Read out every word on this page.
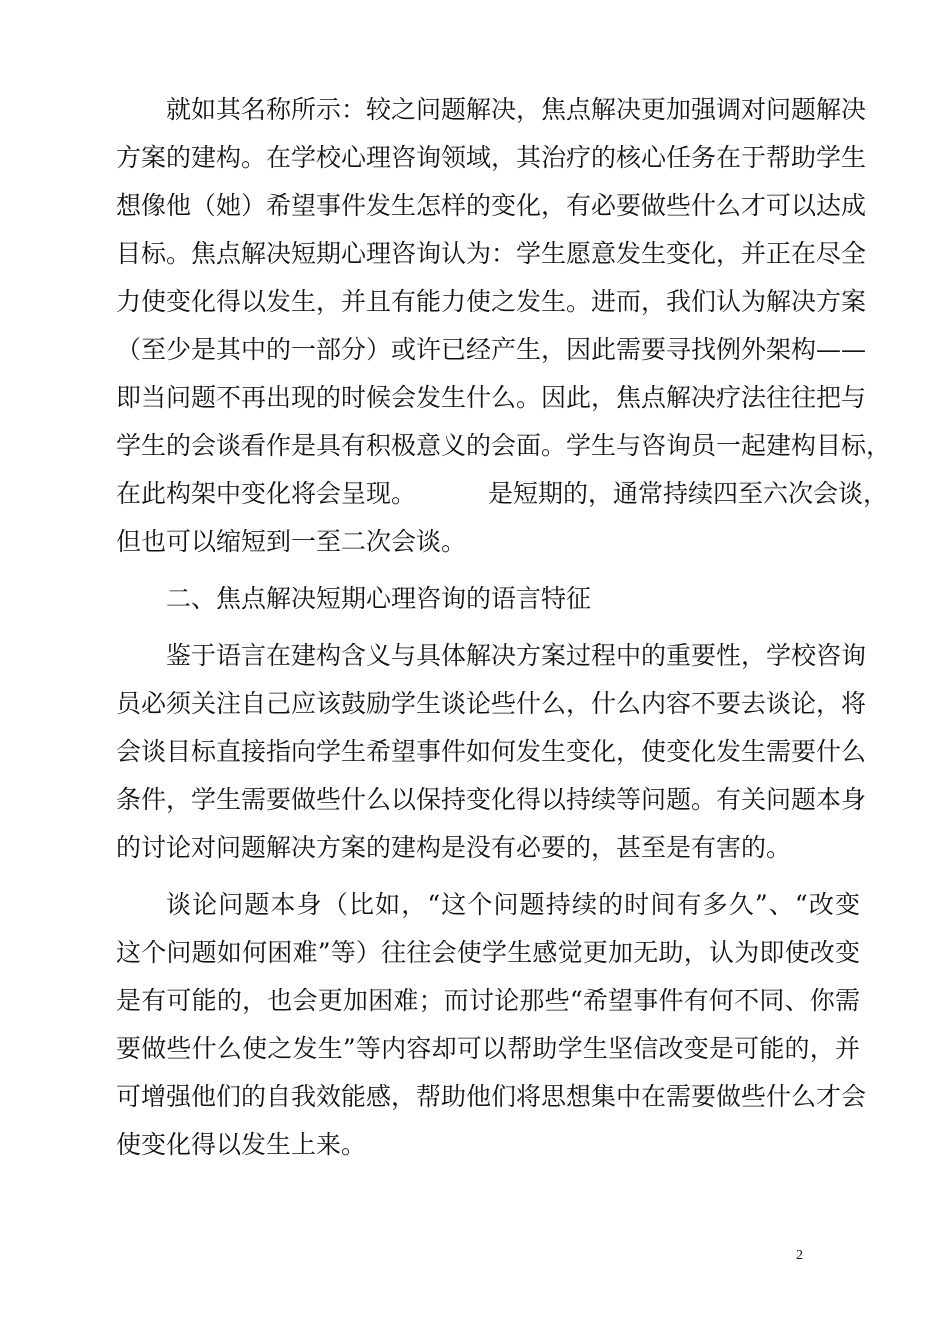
就如其名称所示：较之问题解决，焦点解决更加强调对问题解决
方案的建构。在学校心理咨询领域，其治疗的核心任务在于帮助学生
想像他（她）希望事件发生怎样的变化，有必要做些什么才可以达成
目标。焦点解决短期心理咨询认为：学生愿意发生变化，并正在尽全
力使变化得以发生，并且有能力使之发生。进而，我们认为解决方案
（至少是其中的一部分）或许已经产生，因此需要寻找例外架构——
即当问题不再出现的时候会发生什么。因此，焦点解决疗法往往把与
学生的会谈看作是具有积极意义的会面。学生与咨询员一起建构目标，
在此构架中变化将会呈现。	是短期的，通常持续四至六次会谈，
但也可以缩短到一至二次会谈。
二、焦点解决短期心理咨询的语言特征
鉴于语言在建构含义与具体解决方案过程中的重要性，学校咨询
员必须关注自己应该鼓励学生谈论些什么，什么内容不要去谈论，将
会谈目标直接指向学生希望事件如何发生变化，使变化发生需要什么
条件，学生需要做些什么以保持变化得以持续等问题。有关问题本身
的讨论对问题解决方案的建构是没有必要的，甚至是有害的。
谈论问题本身（比如，“这个问题持续的时间有多久”、“改变
这个问题如何困难”等）往往会使学生感觉更加无助，认为即使改变
是有可能的，也会更加困难；而讨论那些“希望事件有何不同、你需
要做些什么使之发生”等内容却可以帮助学生坚信改变是可能的，并
可增强他们的自我效能感，帮助他们将思想集中在需要做些什么才会
使变化得以发生上来。
2
